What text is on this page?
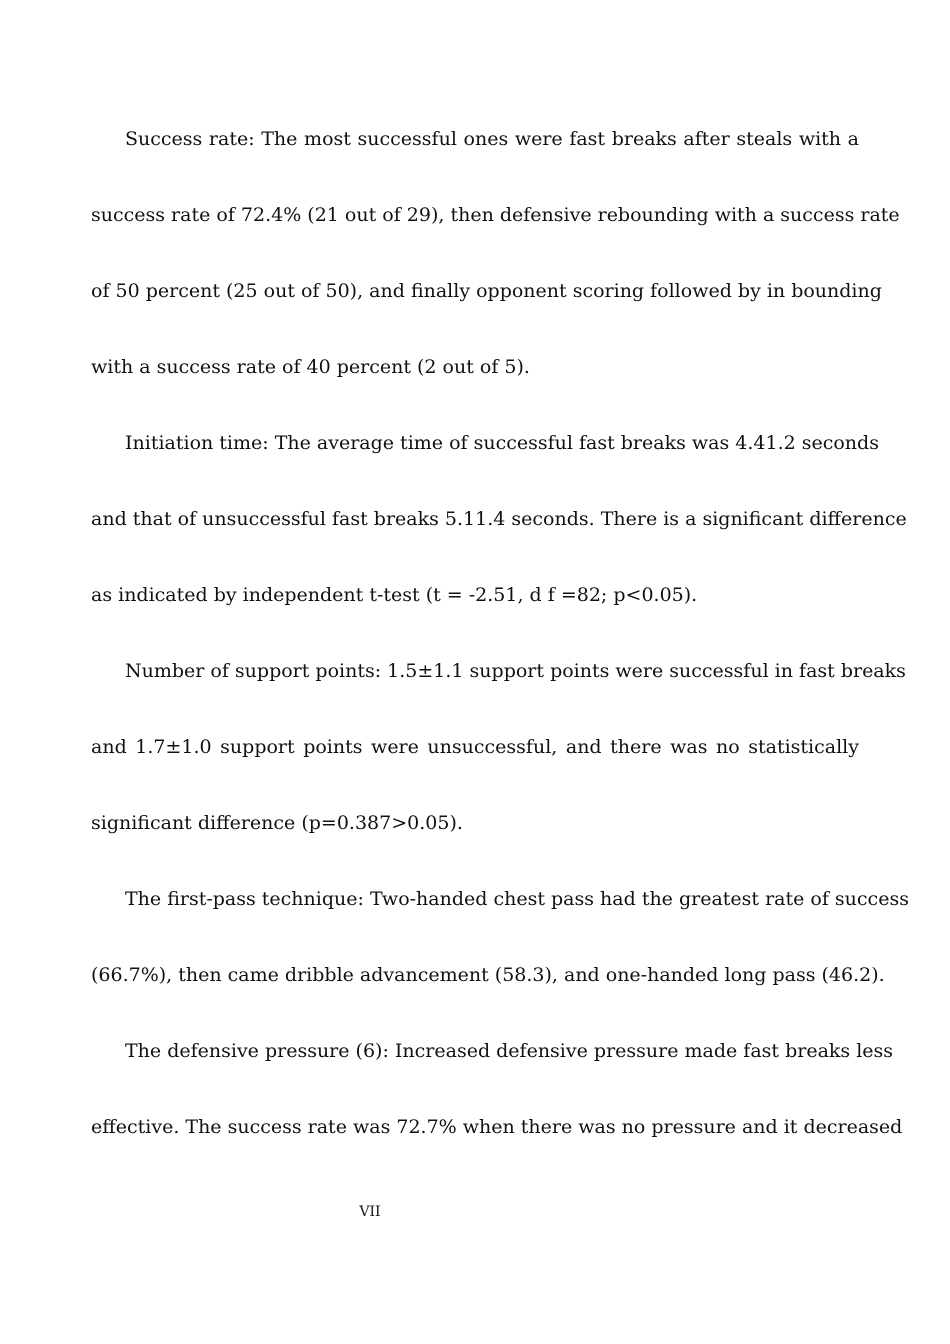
Success rate: The most successful ones were fast breaks after steals with a
success rate of 72.4% (21 out of 29), then defensive rebounding with a success rate
of 50 percent (25 out of 50), and finally opponent scoring followed by in bounding
with a success rate of 40 percent (2 out of 5).
Initiation time: The average time of successful fast breaks was 4.41.2 seconds
and that of unsuccessful fast breaks 5.11.4 seconds. There is a significant difference
as indicated by independent t-test (t = -2.51, d f =82; p<0.05).
Number of support points: 1.5±1.1 support points were successful in fast breaks
and 1.7±1.0 support points were unsuccessful, and there was no statistically
significant difference (p=0.387>0.05).
The first-pass technique: Two-handed chest pass had the greatest rate of success
(66.7%), then came dribble advancement (58.3), and one-handed long pass (46.2).
The defensive pressure (6): Increased defensive pressure made fast breaks less
effective. The success rate was 72.7% when there was no pressure and it decreased
VII
